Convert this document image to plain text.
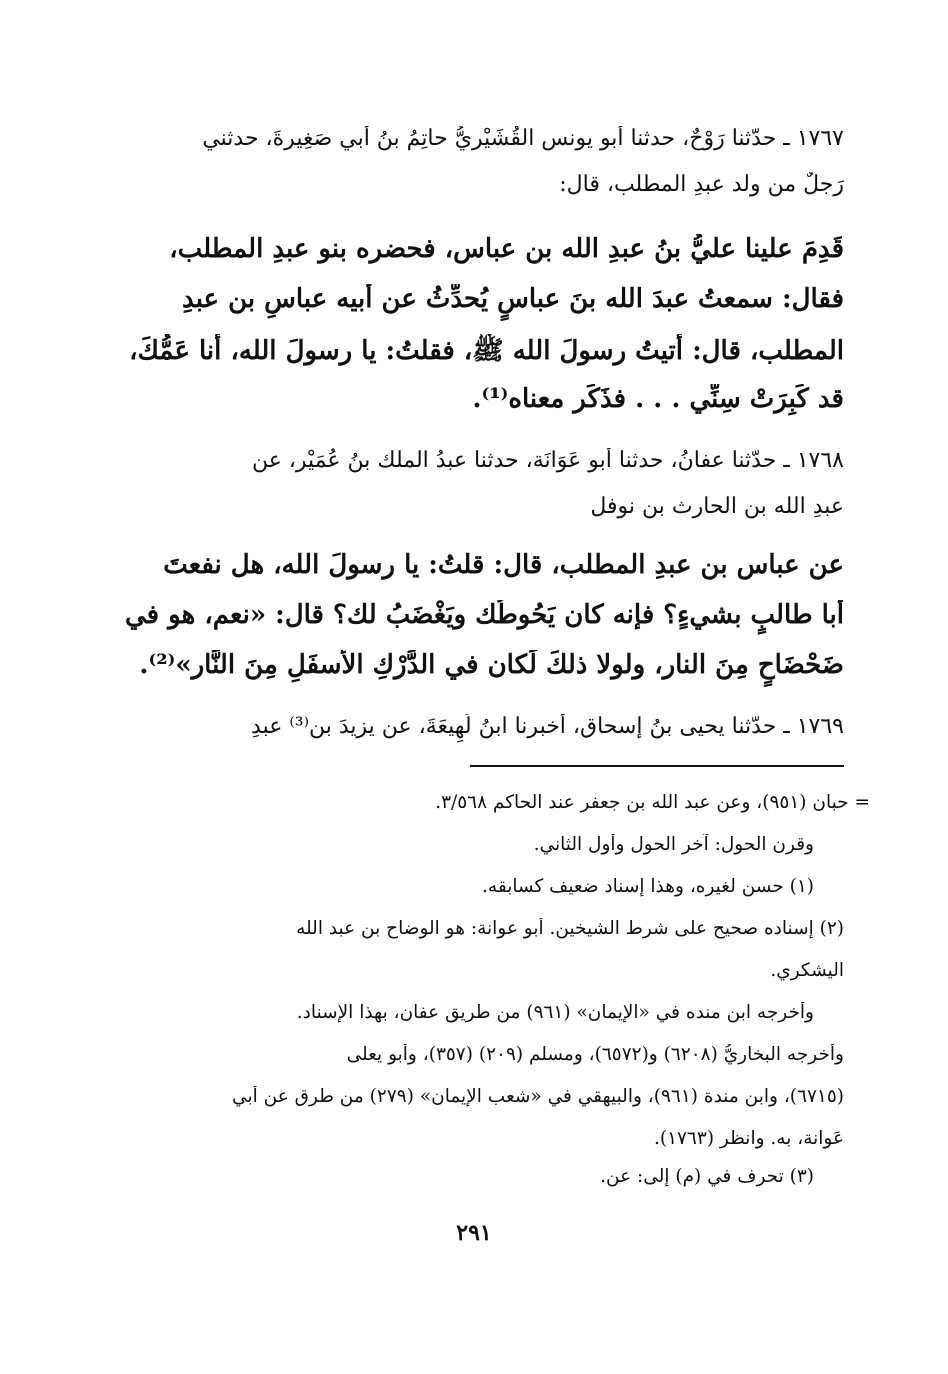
١٧٦٧ ـ حدّثنا رَوْحٌ، حدثنا أبو يونس القُشَيْريُّ حاتِمُ بنُ أبي صَغِيرةَ، حدثني
رَجلٌ من ولد عبدِ المطلب، قال:
قَدِمَ علينا عليُّ بنُ عبدِ الله بن عباس، فحضره بنو عبدِ المطلب،
فقال: سمعتُ عبدَ الله بنَ عباسٍ يُحدِّثُ عن أبيه عباسِ بن عبدِ
المطلب، قال: أتيتُ رسولَ الله ﷺ، فقلتُ: يا رسولَ الله، أنا عَمُّكَ،
قد كَبِرَتْ سِنِّي . . . فذَكَر معناه⁽¹⁾.
١٧٦٨ ـ حدّثنا عفانُ، حدثنا أبو عَوَانَة، حدثنا عبدُ الملك بنُ عُمَيْر، عن
عبدِ الله بن الحارث بن نوفل
عن عباس بن عبدِ المطلب، قال: قلتُ: يا رسولَ الله، هل نفعتَ
أبا طالبٍ بشيءٍ؟ فإنه كان يَحُوطُك ويَغْضَبُ لك؟ قال: «نعم، هو في
ضَحْضَاحٍ مِنَ النار، ولولا ذلكَ لَكان في الدَّرْكِ الأسفَلِ مِنَ النَّار»⁽²⁾.
١٧٦٩ ـ حدّثنا يحيى بنُ إسحاق، أخبرنا ابنُ لَهِيعَةَ، عن يزيدَ بن⁽³⁾ عبدِ
= حبان (٩٥١)، وعن عبد الله بن جعفر عند الحاكم ٣/٥٦٨.
وقرن الحول: آخر الحول وأول الثاني.
(١) حسن لغيره، وهذا إسناد ضعيف كسابقه.
(٢) إسناده صحيح على شرط الشيخين. أبو عوانة: هو الوضاح بن عبد الله
اليشكري.
وأخرجه ابن منده في «الإيمان» (٩٦١) من طريق عفان، بهذا الإسناد.
وأخرجه البخاريُّ (٦٢٠٨) و(٦٥٧٢)، ومسلم (٢٠٩) (٣٥٧)، وأبو يعلى
(٦٧١٥)، وابن مندة (٩٦١)، والبيهقي في «شعب الإيمان» (٢٧٩) من طرق عن أبي
عَوانة، به. وانظر (١٧٦٣).
(٣) تحرف في (م) إلى: عن.
٢٩١
